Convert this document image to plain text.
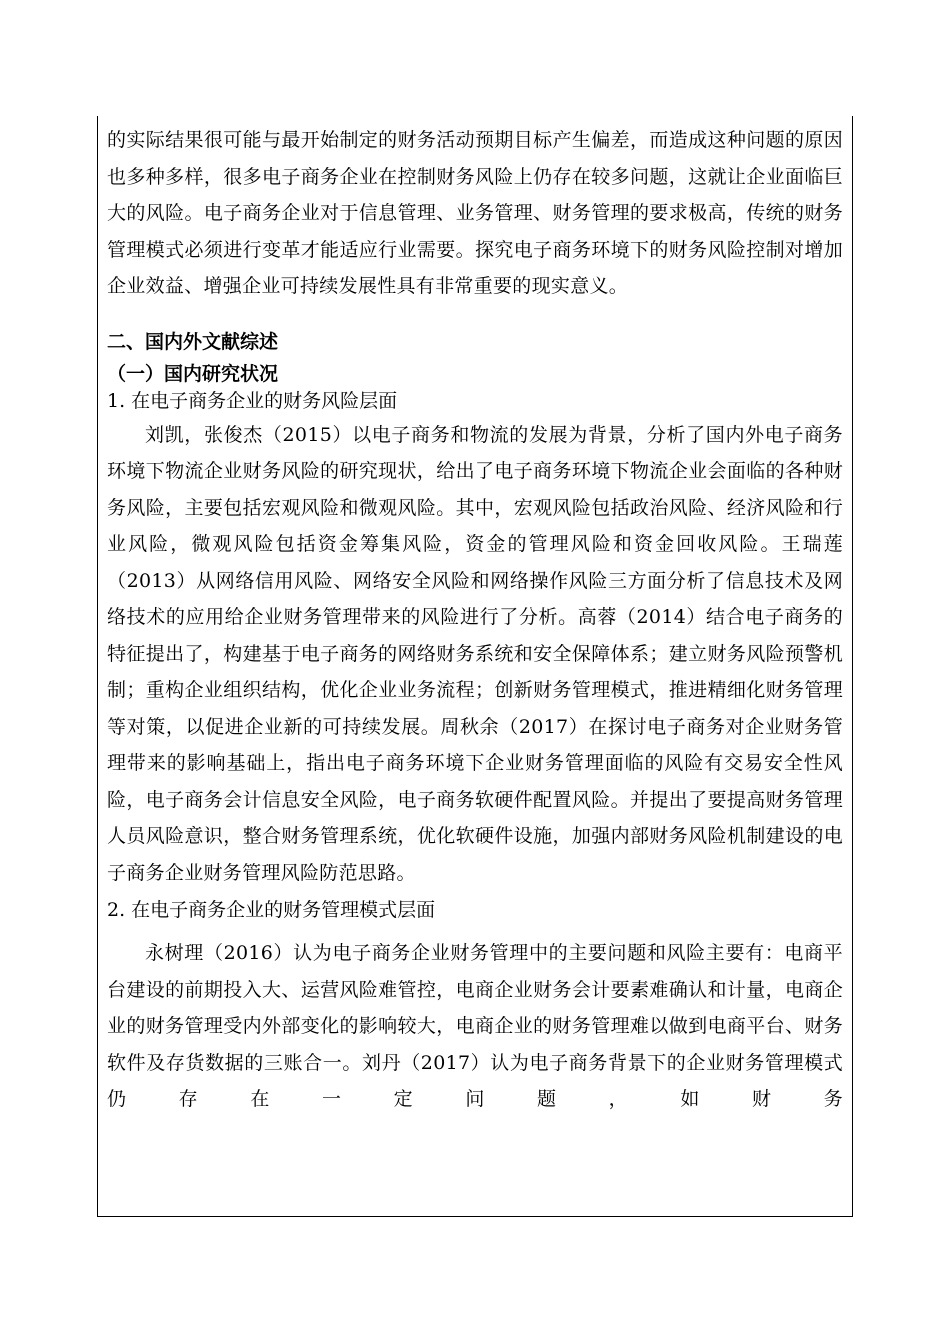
的实际结果很可能与最开始制定的财务活动预期目标产生偏差，而造成这种问题的原因也多种多样，很多电子商务企业在控制财务风险上仍存在较多问题，这就让企业面临巨大的风险。电子商务企业对于信息管理、业务管理、财务管理的要求极高，传统的财务管理模式必须进行变革才能适应行业需要。探究电子商务环境下的财务风险控制对增加企业效益、增强企业可持续发展性具有非常重要的现实意义。

二、国内外文献综述
（一）国内研究状况
1. 在电子商务企业的财务风险层面

刘凯，张俊杰（2015）以电子商务和物流的发展为背景，分析了国内外电子商务环境下物流企业财务风险的研究现状，给出了电子商务环境下物流企业会面临的各种财务风险，主要包括宏观风险和微观风险。其中，宏观风险包括政治风险、经济风险和行业风险，微观风险包括资金筹集风险，资金的管理风险和资金回收风险。王瑞莲（2013）从网络信用风险、网络安全风险和网络操作风险三方面分析了信息技术及网络技术的应用给企业财务管理带来的风险进行了分析。高蓉（2014）结合电子商务的特征提出了，构建基于电子商务的网络财务系统和安全保障体系；建立财务风险预警机制；重构企业组织结构，优化企业业务流程；创新财务管理模式，推进精细化财务管理等对策，以促进企业新的可持续发展。周秋余（2017）在探讨电子商务对企业财务管理带来的影响基础上，指出电子商务环境下企业财务管理面临的风险有交易安全性风险，电子商务会计信息安全风险，电子商务软硬件配置风险。并提出了要提高财务管理人员风险意识，整合财务管理系统，优化软硬件设施，加强内部财务风险机制建设的电子商务企业财务管理风险防范思路。

2. 在电子商务企业的财务管理模式层面

永树理（2016）认为电子商务企业财务管理中的主要问题和风险主要有：电商平台建设的前期投入大、运营风险难管控，电商企业财务会计要素难确认和计量，电商企业的财务管理受内外部变化的影响较大，电商企业的财务管理难以做到电商平台、财务软件及存货数据的三账合一。刘丹（2017）认为电子商务背景下的企业财务管理模式仍存在一定问题，如财务
